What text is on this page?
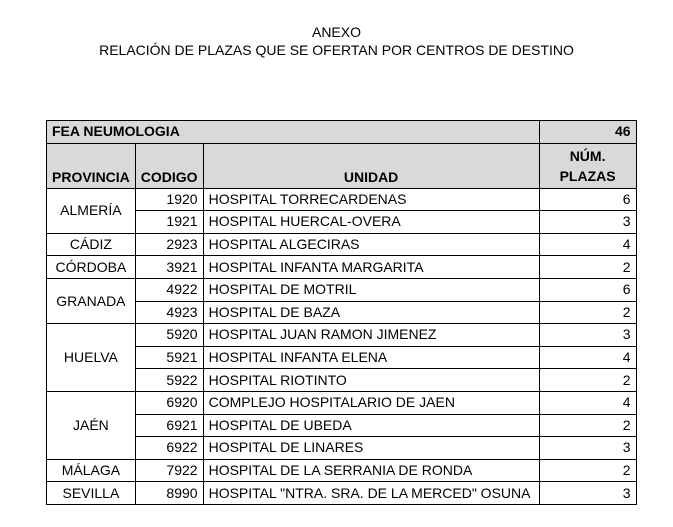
ANEXO
RELACIÓN DE PLAZAS QUE SE OFERTAN POR CENTROS DE DESTINO
FEA NEUMOLOGIA			46
PROVINCIA	CODIGO	UNIDAD	NÚM.
PLAZAS
ALMERÍA	1920	HOSPITAL TORRECARDENAS	6
	1921	HOSPITAL HUERCAL-OVERA	3
CÁDIZ	2923	HOSPITAL ALGECIRAS	4
CÓRDOBA	3921	HOSPITAL INFANTA MARGARITA	2
GRANADA	4922	HOSPITAL DE MOTRIL	6
	4923	HOSPITAL DE BAZA	2
HUELVA	5920	HOSPITAL JUAN RAMON JIMENEZ	3
	5921	HOSPITAL INFANTA ELENA	4
	5922	HOSPITAL RIOTINTO	2
JAÉN	6920	COMPLEJO HOSPITALARIO DE JAEN	4
	6921	HOSPITAL DE UBEDA	2
	6922	HOSPITAL DE LINARES	3
MÁLAGA	7922	HOSPITAL DE LA SERRANIA DE RONDA	2
SEVILLA	8990	HOSPITAL "NTRA. SRA. DE LA MERCED" OSUNA	3
